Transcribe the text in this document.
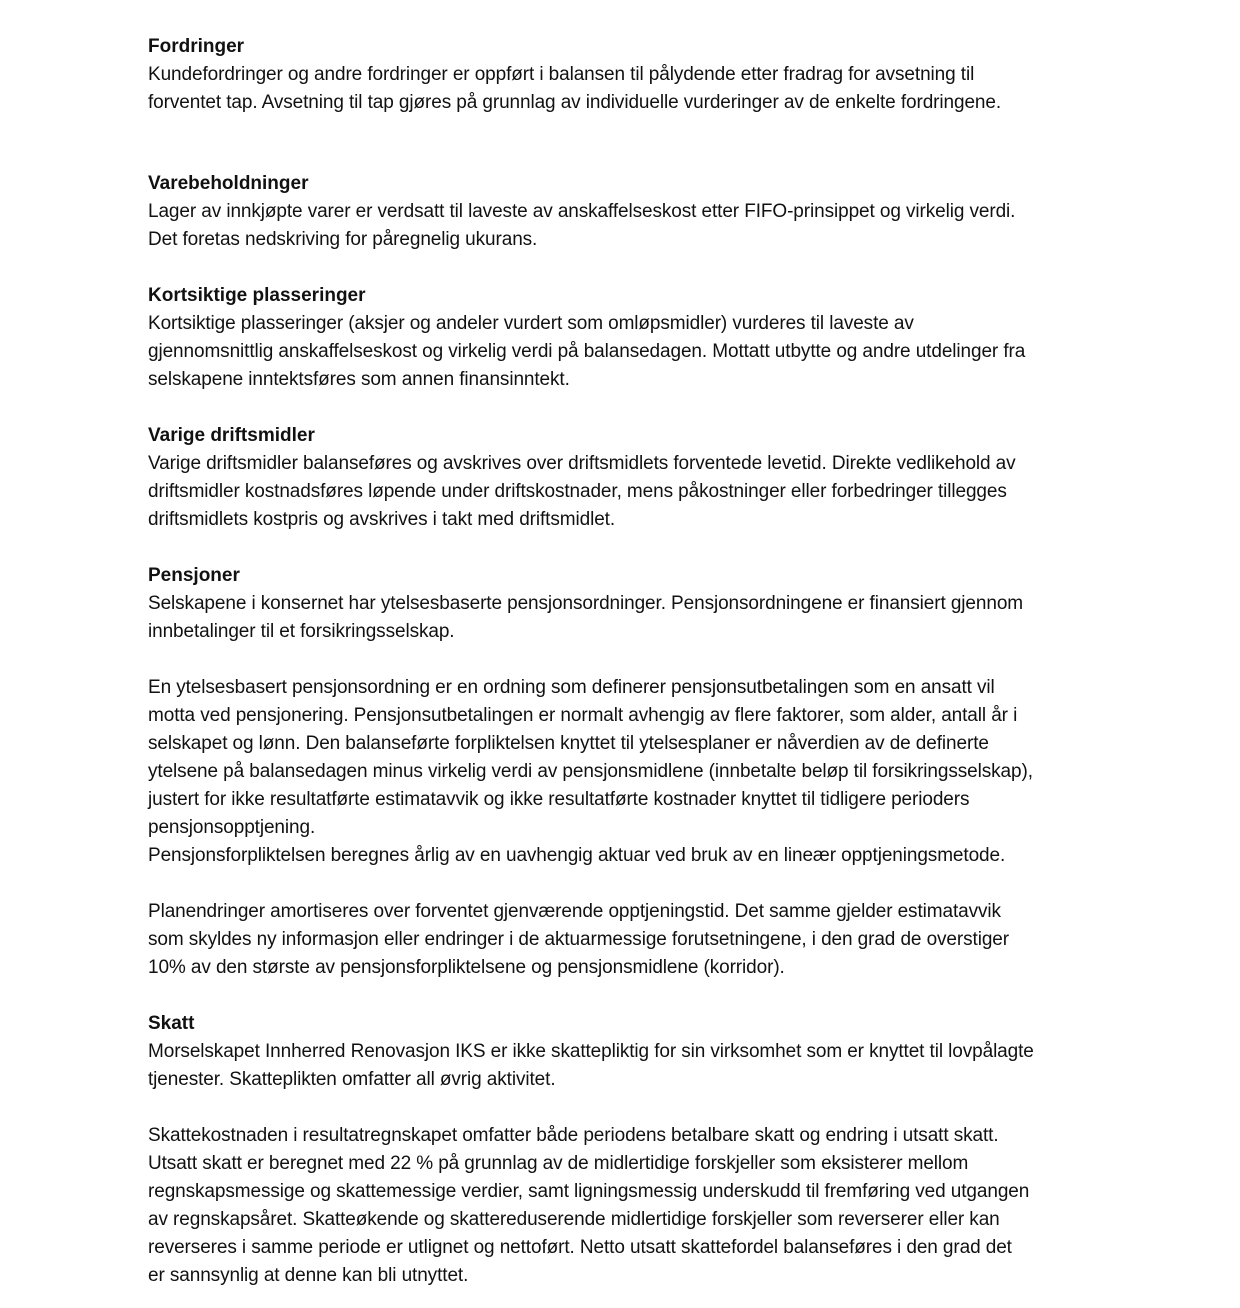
Fordringer

Kundefordringer og andre fordringer er oppført i balansen til pålydende etter fradrag for avsetning til
forventet tap. Avsetning til tap gjøres på grunnlag av individuelle vurderinger av de enkelte fordringene.

Varebeholdninger

Lager av innkjøpte varer er verdsatt til laveste av anskaffelseskost etter FIFO-prinsippet og virkelig verdi.
Det foretas nedskriving for påregnelig ukurans.

Kortsiktige plasseringer

Kortsiktige plasseringer (aksjer og andeler vurdert som omløpsmidler) vurderes til laveste av
gjennomsnittlig anskaffelseskost og virkelig verdi på balansedagen. Mottatt utbytte og andre utdelinger fra
selskapene inntektsføres som annen finansinntekt.

Varige driftsmidler

Varige driftsmidler balanseføres og avskrives over driftsmidlets forventede levetid. Direkte vedlikehold av
driftsmidler kostnadsføres løpende under driftskostnader, mens påkostninger eller forbedringer tillegges
driftsmidlets kostpris og avskrives i takt med driftsmidlet.

Pensjoner

Selskapene i konsernet har ytelsesbaserte pensjonsordninger. Pensjonsordningene er finansiert gjennom
innbetalinger til et forsikringsselskap.

En ytelsesbasert pensjonsordning er en ordning som definerer pensjonsutbetalingen som en ansatt vil
motta ved pensjonering. Pensjonsutbetalingen er normalt avhengig av flere faktorer, som alder, antall år i
selskapet og lønn. Den balanseførte forpliktelsen knyttet til ytelsesplaner er nåverdien av de definerte
ytelsene på balansedagen minus virkelig verdi av pensjonsmidlene (innbetalte beløp til forsikringsselskap),
justert for ikke resultatførte estimatavvik og ikke resultatførte kostnader knyttet til tidligere perioders
pensjonsopptjening.
Pensjonsforpliktelsen beregnes årlig av en uavhengig aktuar ved bruk av en lineær opptjeningsmetode.

Planendringer amortiseres over forventet gjenværende opptjeningstid. Det samme gjelder estimatavvik
som skyldes ny informasjon eller endringer i de aktuarmessige forutsetningene, i den grad de overstiger
10% av den største av pensjonsforpliktelsene og pensjonsmidlene (korridor).

Skatt

Morselskapet Innherred Renovasjon IKS er ikke skattepliktig for sin virksomhet som er knyttet til lovpålagte
tjenester. Skatteplikten omfatter all øvrig aktivitet.

Skattekostnaden i resultatregnskapet omfatter både periodens betalbare skatt og endring i utsatt skatt.
Utsatt skatt er beregnet med 22 % på grunnlag av de midlertidige forskjeller som eksisterer mellom
regnskapsmessige og skattemessige verdier, samt ligningsmessig underskudd til fremføring ved utgangen
av regnskapsåret. Skatteøkende og skattereduserende midlertidige forskjeller som reverserer eller kan
reverseres i samme periode er utlignet og nettoført. Netto utsatt skattefordel balanseføres i den grad det
er sannsynlig at denne kan bli utnyttet.
